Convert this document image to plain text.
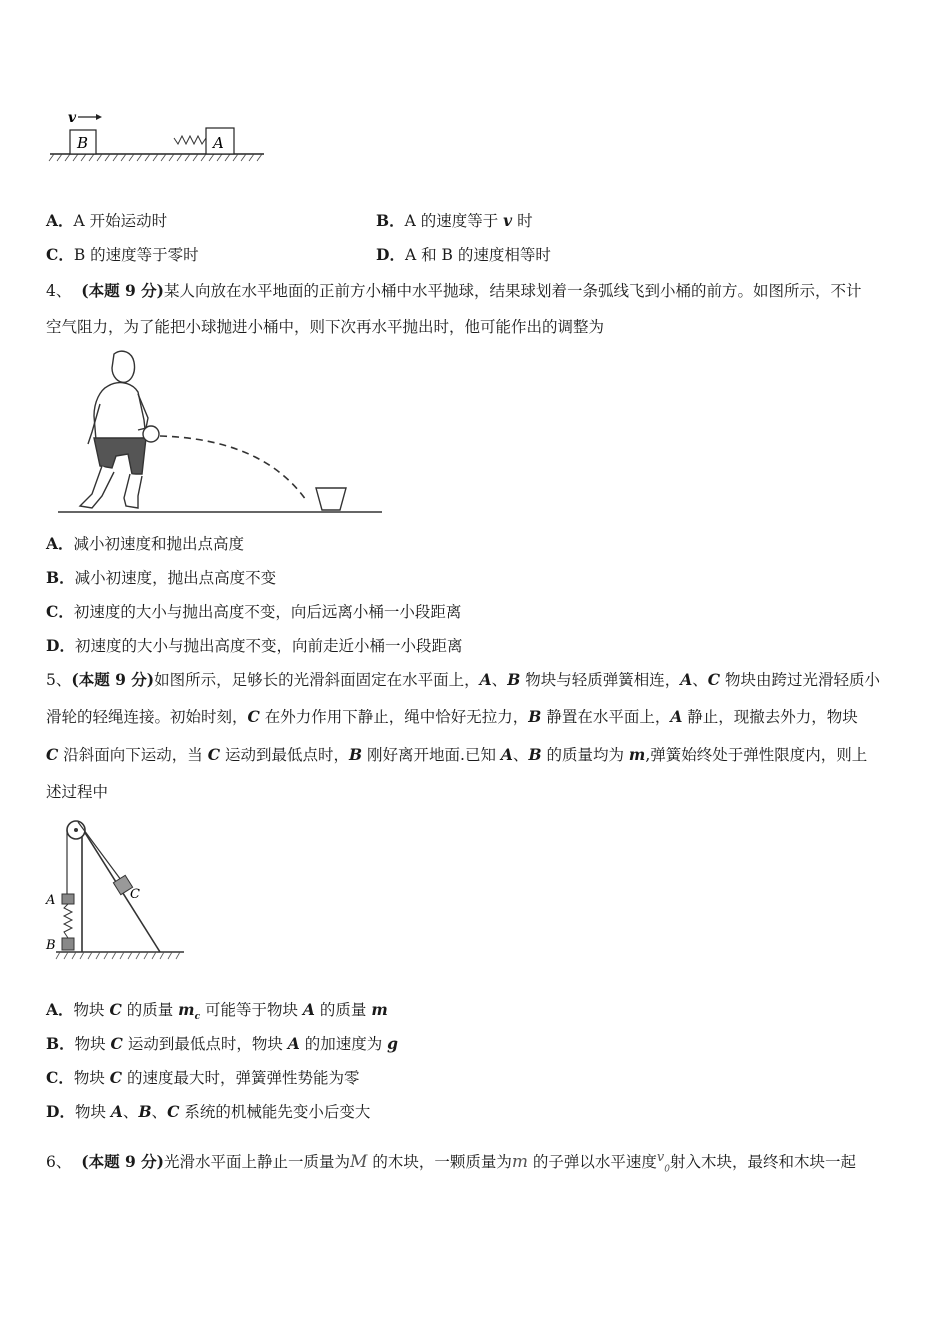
B
v
A
A．A 开始运动时	B．A 的速度等于 v 时
C．B 的速度等于零时	D．A 和 B 的速度相等时
4、 (本题 9 分)某人向放在水平地面的正前方小桶中水平抛球，结果球划着一条弧线飞到小桶的前方。如图所示，不计
空气阻力，为了能把小球抛进小桶中，则下次再水平抛出时，他可能作出的调整为
A．减小初速度和抛出点高度
B．减小初速度，抛出点高度不变
C．初速度的大小与抛出高度不变，向后远离小桶一小段距离
D．初速度的大小与抛出高度不变，向前走近小桶一小段距离
5、(本题 9 分)如图所示，足够长的光滑斜面固定在水平面上，A、B 物块与轻质弹簧相连，A、C 物块由跨过光滑轻质小
滑轮的轻绳连接。初始时刻，C 在外力作用下静止，绳中恰好无拉力，B 静置在水平面上，A 静止，现撤去外力，物块
C 沿斜面向下运动，当 C 运动到最低点时，B 刚好离开地面.已知 A、B 的质量均为 m,弹簧始终处于弹性限度内，则上
述过程中
A
B
C
A．物块 C 的质量 $m_c$ 可能等于物块 A 的质量 m
B．物块 C 运动到最低点时，物块 A 的加速度为 g
C．物块 C 的速度最大时，弹簧弹性势能为零
D．物块 A、B、C 系统的机械能先变小后变大
6、 (本题 9 分)光滑水平面上静止一质量为M 的木块，一颗质量为m 的子弹以水平速度$^v_0$射入木块，最终和木块一起
